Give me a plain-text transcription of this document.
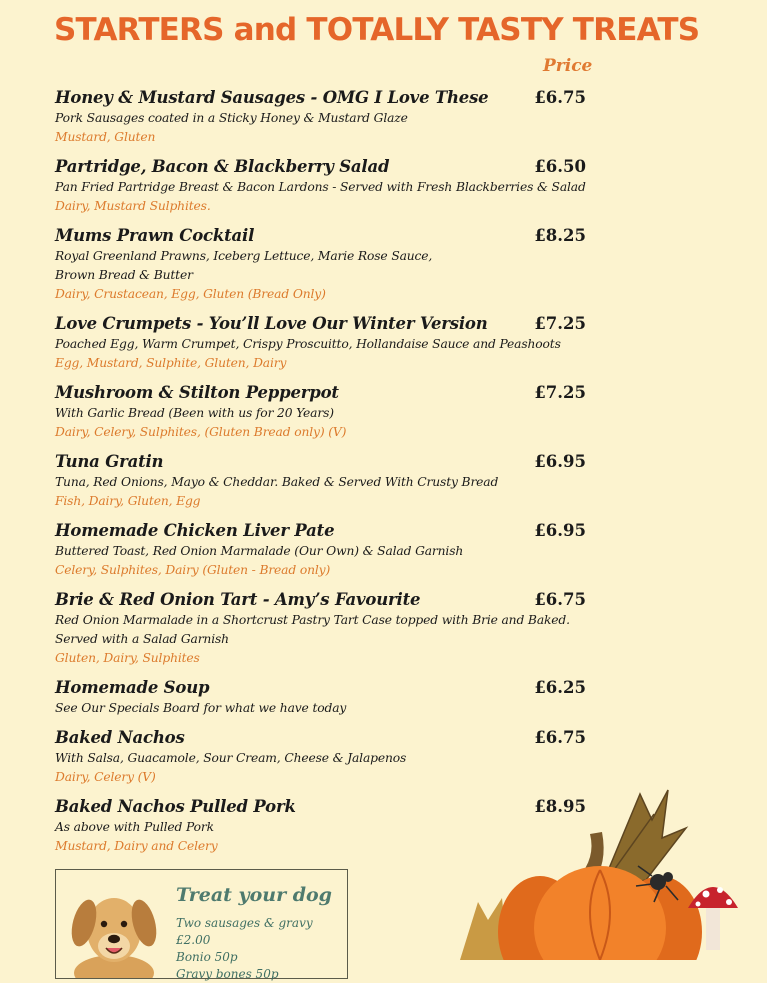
STARTERS and TOTALLY TASTY TREATS
Price
Honey & Mustard Sausages - OMG I Love These	£6.75
Pork Sausages coated in a Sticky Honey & Mustard Glaze
Mustard, Gluten
Partridge, Bacon & Blackberry Salad	£6.50
Pan Fried Partridge Breast & Bacon Lardons - Served with Fresh Blackberries & Salad
Dairy, Mustard Sulphites.
Mums Prawn Cocktail	£8.25
Royal Greenland Prawns, Iceberg Lettuce, Marie Rose Sauce,
Brown Bread & Butter
Dairy, Crustacean, Egg, Gluten (Bread Only)
Love Crumpets - You’ll Love Our Winter Version	£7.25
Poached Egg, Warm Crumpet, Crispy Proscuitto, Hollandaise Sauce and Peashoots
Egg, Mustard, Sulphite, Gluten, Dairy
Mushroom & Stilton Pepperpot	£7.25
With Garlic Bread (Been with us for 20 Years)
Dairy, Celery, Sulphites, (Gluten Bread only) (V)
Tuna Gratin	£6.95
Tuna, Red Onions, Mayo & Cheddar. Baked & Served With Crusty Bread
Fish, Dairy, Gluten, Egg
Homemade Chicken Liver Pate	£6.95
Buttered Toast, Red Onion Marmalade (Our Own) & Salad Garnish
Celery, Sulphites, Dairy (Gluten - Bread only)
Brie & Red Onion Tart - Amy’s Favourite	£6.75
Red Onion Marmalade in a Shortcrust Pastry Tart Case topped with Brie and Baked.
Served with a Salad Garnish
Gluten, Dairy, Sulphites
Homemade Soup	£6.25
See Our Specials Board for what we have today
Baked Nachos	£6.75
With Salsa, Guacamole, Sour Cream, Cheese & Jalapenos
Dairy, Celery (V)
Baked Nachos Pulled Pork	£8.95
As above with Pulled Pork
Mustard, Dairy and Celery
Treat your dog
Two sausages & gravy £2.00
Bonio 50p
Gravy bones 50p
